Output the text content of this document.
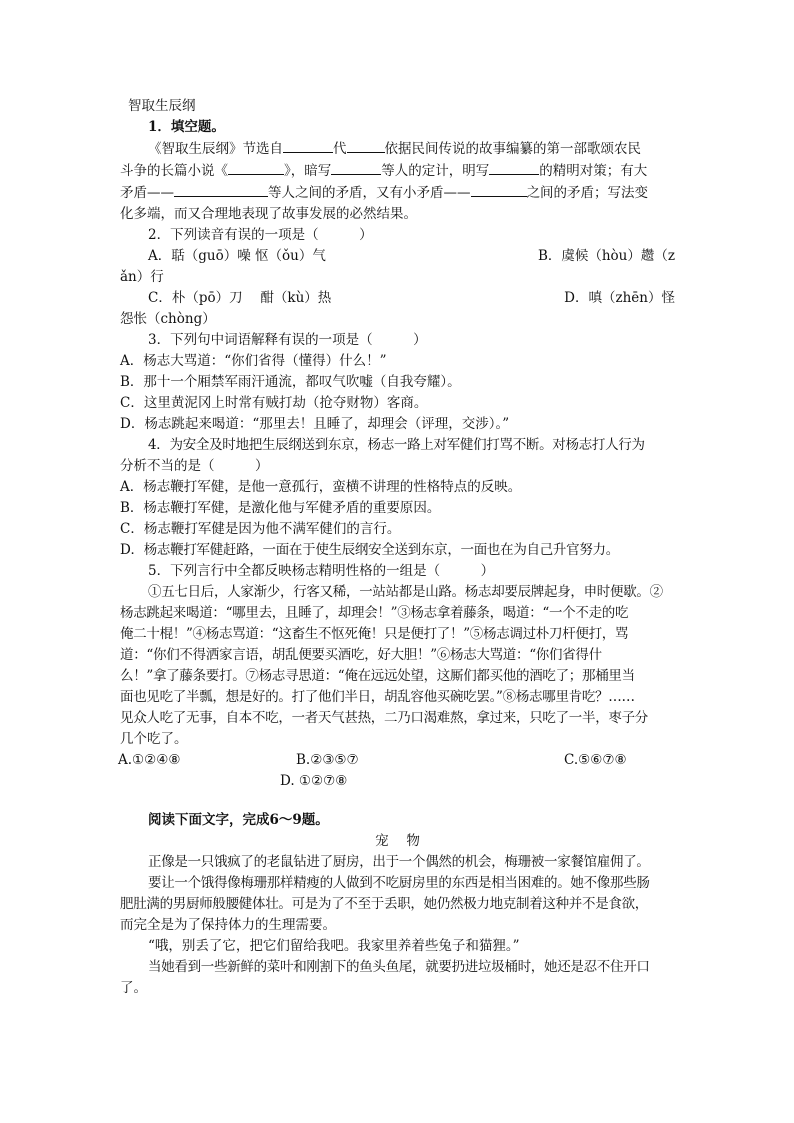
智取生辰纲
1．填空题。
《智取生辰纲》节选自	代	依据民间传说的故事编纂的第一部歌颂农民
斗争的长篇小说《	》，暗写	等人的定计，明写	的精明对策；有大
矛盾——	等人之间的矛盾，又有小矛盾——	之间的矛盾；写法变
化多端，而又合理地表现了故事发展的必然结果。
2．下列读音有误的一项是（　　　）
A．聒（guō）噪 怄（ǒu）气	B．虞候（hòu）趱（z
ǎn）行
C．朴（pō）刀　 酣（kù）热	D．嗔（zhēn）怪
怨怅（chòng）
3．下列句中词语解释有误的一项是（　　　）
A．杨志大骂道：“你们省得（懂得）什么！”
B．那十一个厢禁军雨汗通流，都叹气吹嘘（自我夸耀）。
C．这里黄泥冈上时常有贼打劫（抢夺财物）客商。
D．杨志跳起来喝道：“那里去！且睡了，却理会（评理，交涉）。”
4．为安全及时地把生辰纲送到东京，杨志一路上对军健们打骂不断。对杨志打人行为
分析不当的是（　　　）
A．杨志鞭打军健，是他一意孤行，蛮横不讲理的性格特点的反映。
B．杨志鞭打军健，是激化他与军健矛盾的重要原因。
C．杨志鞭打军健是因为他不满军健们的言行。
D．杨志鞭打军健赶路，一面在于使生辰纲安全送到东京，一面也在为自己升官努力。
5．下列言行中全都反映杨志精明性格的一组是（　　　）
①五七日后，人家渐少，行客又稀，一站站都是山路。杨志却要辰牌起身，申时便歇。②
杨志跳起来喝道：“哪里去，且睡了，却理会！”③杨志拿着藤条，喝道：“一个不走的吃
俺二十棍！”④杨志骂道：“这畜生不怄死俺！只是便打了！”⑤杨志调过朴刀杆便打，骂
道：“你们不得洒家言语，胡乱便要买酒吃，好大胆！”⑥杨志大骂道：“你们省得什
么！”拿了藤条要打。⑦杨志寻思道：“俺在远远处望，这厮们都买他的酒吃了；那桶里当
面也见吃了半瓢，想是好的。打了他们半日，胡乱容他买碗吃罢。”⑧杨志哪里肯吃？……
见众人吃了无事，自本不吃，一者天气甚热，二乃口渴难熬，拿过来，只吃了一半，枣子分
几个吃了。
A.①②④⑧	B.②③⑤⑦	C.⑤⑥⑦⑧
D. ①②⑦⑧
阅读下面文字，完成6～9题。
宠　 物
正像是一只饿疯了的老鼠钻进了厨房，出于一个偶然的机会，梅珊被一家餐馆雇佣了。
要让一个饿得像梅珊那样精瘦的人做到不吃厨房里的东西是相当困难的。她不像那些肠
肥肚满的男厨师般腰健体壮。可是为了不至于丢职，她仍然极力地克制着这种并不是食欲，
而完全是为了保持体力的生理需要。
“哦，别丢了它，把它们留给我吧。我家里养着些兔子和猫狸。”
当她看到一些新鲜的菜叶和刚割下的鱼头鱼尾，就要扔进垃圾桶时，她还是忍不住开口
了。
